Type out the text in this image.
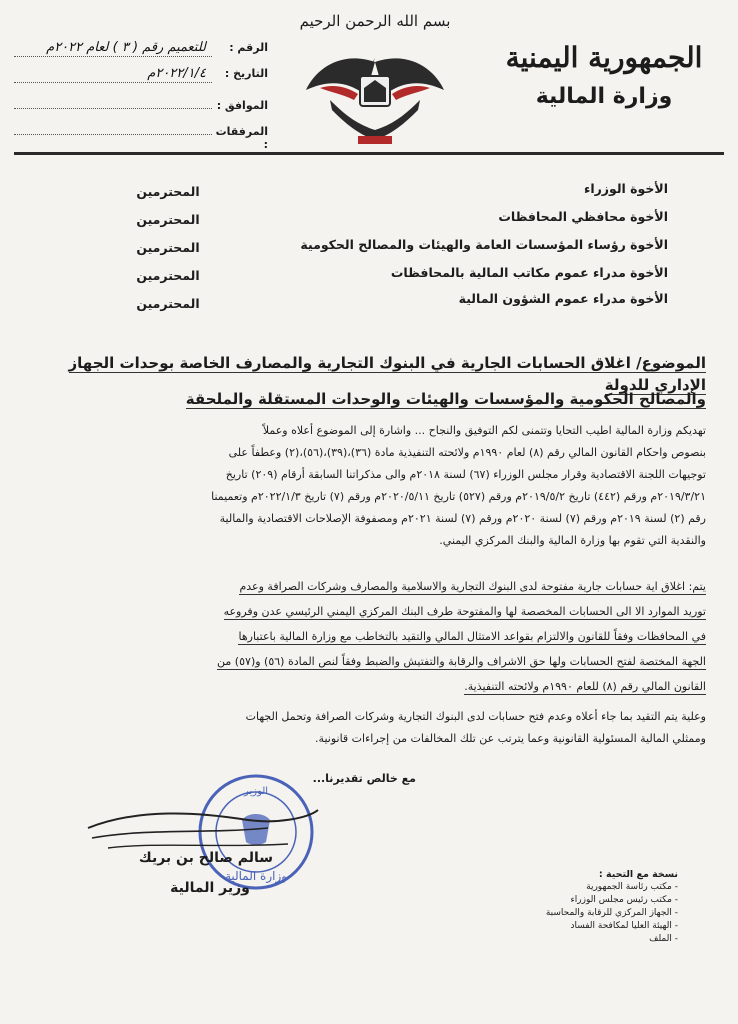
الجمهورية اليمنية
وزارة المالية
بسم الله الرحمن الرحيم
الرقم :
للتعميم رقم ( ٣ ) لعام ٢٠٢٢م
التاريخ :
٢٠٢٢/١/٤م
الموافق :
المرفقات :
الأخوة الوزراء
المحترمين
الأخوة محافظي المحافظات
المحترمين
الأخوة رؤساء المؤسسات العامة والهيئات والمصالح الحكومية
المحترمين
الأخوة مدراء عموم مكاتب المالية بالمحافظات
المحترمين
الأخوة مدراء عموم الشؤون المالية
المحترمين
الموضوع/ اغلاق الحسابات الجارية في البنوك التجارية والمصارف الخاصة بوحدات الجهاز الإداري للدولة
والمصالح الحكومية والمؤسسات والهيئات والوحدات المستقلة والملحقة
تهديكم وزارة المالية اطيب التحايا وتتمنى لكم التوفيق والنجاح ... واشارة إلى الموضوع أعلاه وعملاً
بنصوص واحكام القانون المالي رقم (٨) لعام ١٩٩٠م ولائحته التنفيذية مادة (٣٦)،(٣٩)،(٥٦)،(٢) وعطفاً على
توجيهات اللجنة الاقتصادية وقرار مجلس الوزراء (٦٧) لسنة ٢٠١٨م والى مذكراتنا السابقة أرقام (٢٠٩) تاريخ
٢٠١٩/٣/٢١م ورقم (٤٤٢) تاريخ ٢٠١٩/٥/٢م ورقم (٥٢٧) تاريخ ٢٠٢٠/٥/١١م ورقم (٧) تاريخ ٢٠٢٢/١/٣م وتعميمنا
رقم (٢) لسنة ٢٠١٩م ورقم (٧) لسنة ٢٠٢٠م ورقم (٧) لسنة ٢٠٢١م ومصفوفة الإصلاحات الاقتصادية والمالية
والنقدية التي تقوم بها وزارة المالية والبنك المركزي اليمني.
يتم: اغلاق اية حسابات جارية مفتوحة لدى البنوك التجارية والاسلامية والمصارف وشركات الصرافة وعدم
توريد الموارد الا الى الحسابات المخصصة لها والمفتوحة طرف البنك المركزي اليمني الرئيسي عدن وفروعه
في المحافظات وفقاً للقانون والالتزام بقواعد الامتثال المالي والتقيد بالتخاطب مع وزارة المالية باعتبارها
الجهة المختصة لفتح الحسابات ولها حق الاشراف والرقابة والتفتيش والضبط وفقاً لنص المادة (٥٦) و(٥٧) من
القانون المالي رقم (٨) للعام ١٩٩٠م ولائحته التنفيذية.
وعلية يتم التقيد بما جاء أعلاه وعدم فتح حسابات لدى البنوك التجارية وشركات الصرافة وتحمل الجهات
وممثلي المالية المسئولية القانونية وعما يترتب عن تلك المخالفات من إجراءات قانونية.
مع خالص تقديرنا...
الوزير
وزارة المالية
سالم صالح بن بريك
وزير المالية
نسخة مع التحية :
- مكتب رئاسة الجمهورية
- مكتب رئيس مجلس الوزراء
- الجهاز المركزي للرقابة والمحاسبة
- الهيئة العليا لمكافحة الفساد
- الملف
